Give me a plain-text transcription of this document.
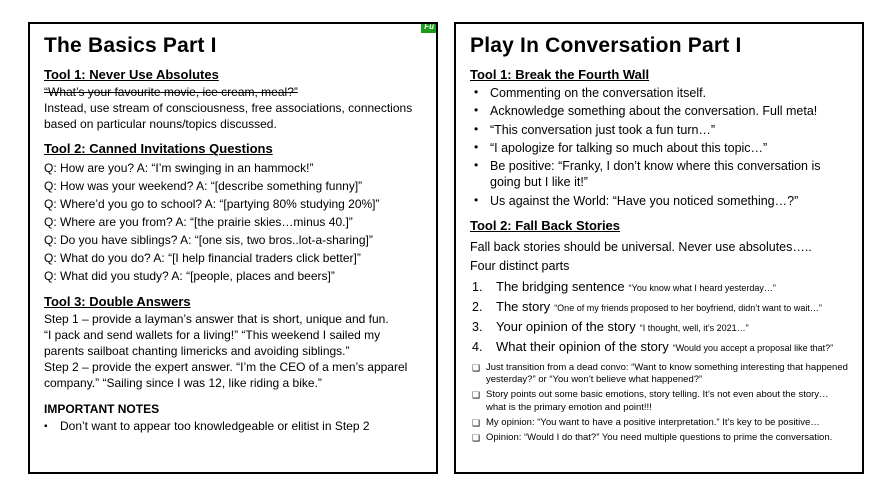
Fu
The Basics Part I
Tool 1: Never Use Absolutes

“What’s your favourite movie, ice cream, meal?”

Instead, use stream of consciousness, free associations, connections based on particular nouns/topics discussed.

Tool 2: Canned Invitations Questions

Q: How are you? A: “I’m swinging in an hammock!”

Q: How was your weekend? A: “[describe something funny]”

Q: Where’d you go to school? A: “[partying 80% studying 20%]”

Q: Where are you from? A: “[the prairie skies…minus 40.]”

Q: Do you have siblings? A: “[one sis, two bros..lot-a-sharing]”

Q: What do you do? A: “[I help financial traders click better]”

Q: What did you study? A: “[people, places and beers]”

Tool 3: Double Answers

Step 1 – provide a layman’s answer that is short, unique and fun.

“I pack and send wallets for a living!” “This weekend I sailed my parents sailboat chanting limericks and avoiding siblings.”

Step 2 – provide the expert answer. “I’m the CEO of a men’s apparel company.” “Sailing since I was 12, like riding a bike.”

IMPORTANT NOTES
▪	Don’t want to appear too knowledgeable or elitist in Step 2
Play In Conversation Part I
Tool 1: Break the Fourth Wall
• Commenting on the conversation itself.
• Acknowledge something about the conversation. Full meta!
• “This conversation just took a fun turn…”
• “I apologize for talking so much about this topic…”
• Be positive: “Franky, I don’t know where this conversation is going but I like it!”
• Us against the World: “Have you noticed something…?”
Tool 2: Fall Back Stories

Fall back stories should be universal. Never use absolutes…..

Four distinct parts

1.	The bridging sentence “You know what I heard yesterday…”
2.	The story “One of my friends proposed to her boyfriend, didn’t want to wait…”
3.	Your opinion of the story “I thought, well, it’s 2021…”
4.	What their opinion of the story “Would you accept a proposal like that?”
❑ Just transition from a dead convo: “Want to know something interesting that happened yesterday?” or “You won’t believe what happened?”
❑ Story points out some basic emotions, story telling. It’s not even about the story… what is the primary emotion and point!!!
❑ My opinion: “You want to have a positive interpretation.” It’s key to be positive…
❑ Opinion: “Would I do that?” You need multiple questions to prime the conversation.
